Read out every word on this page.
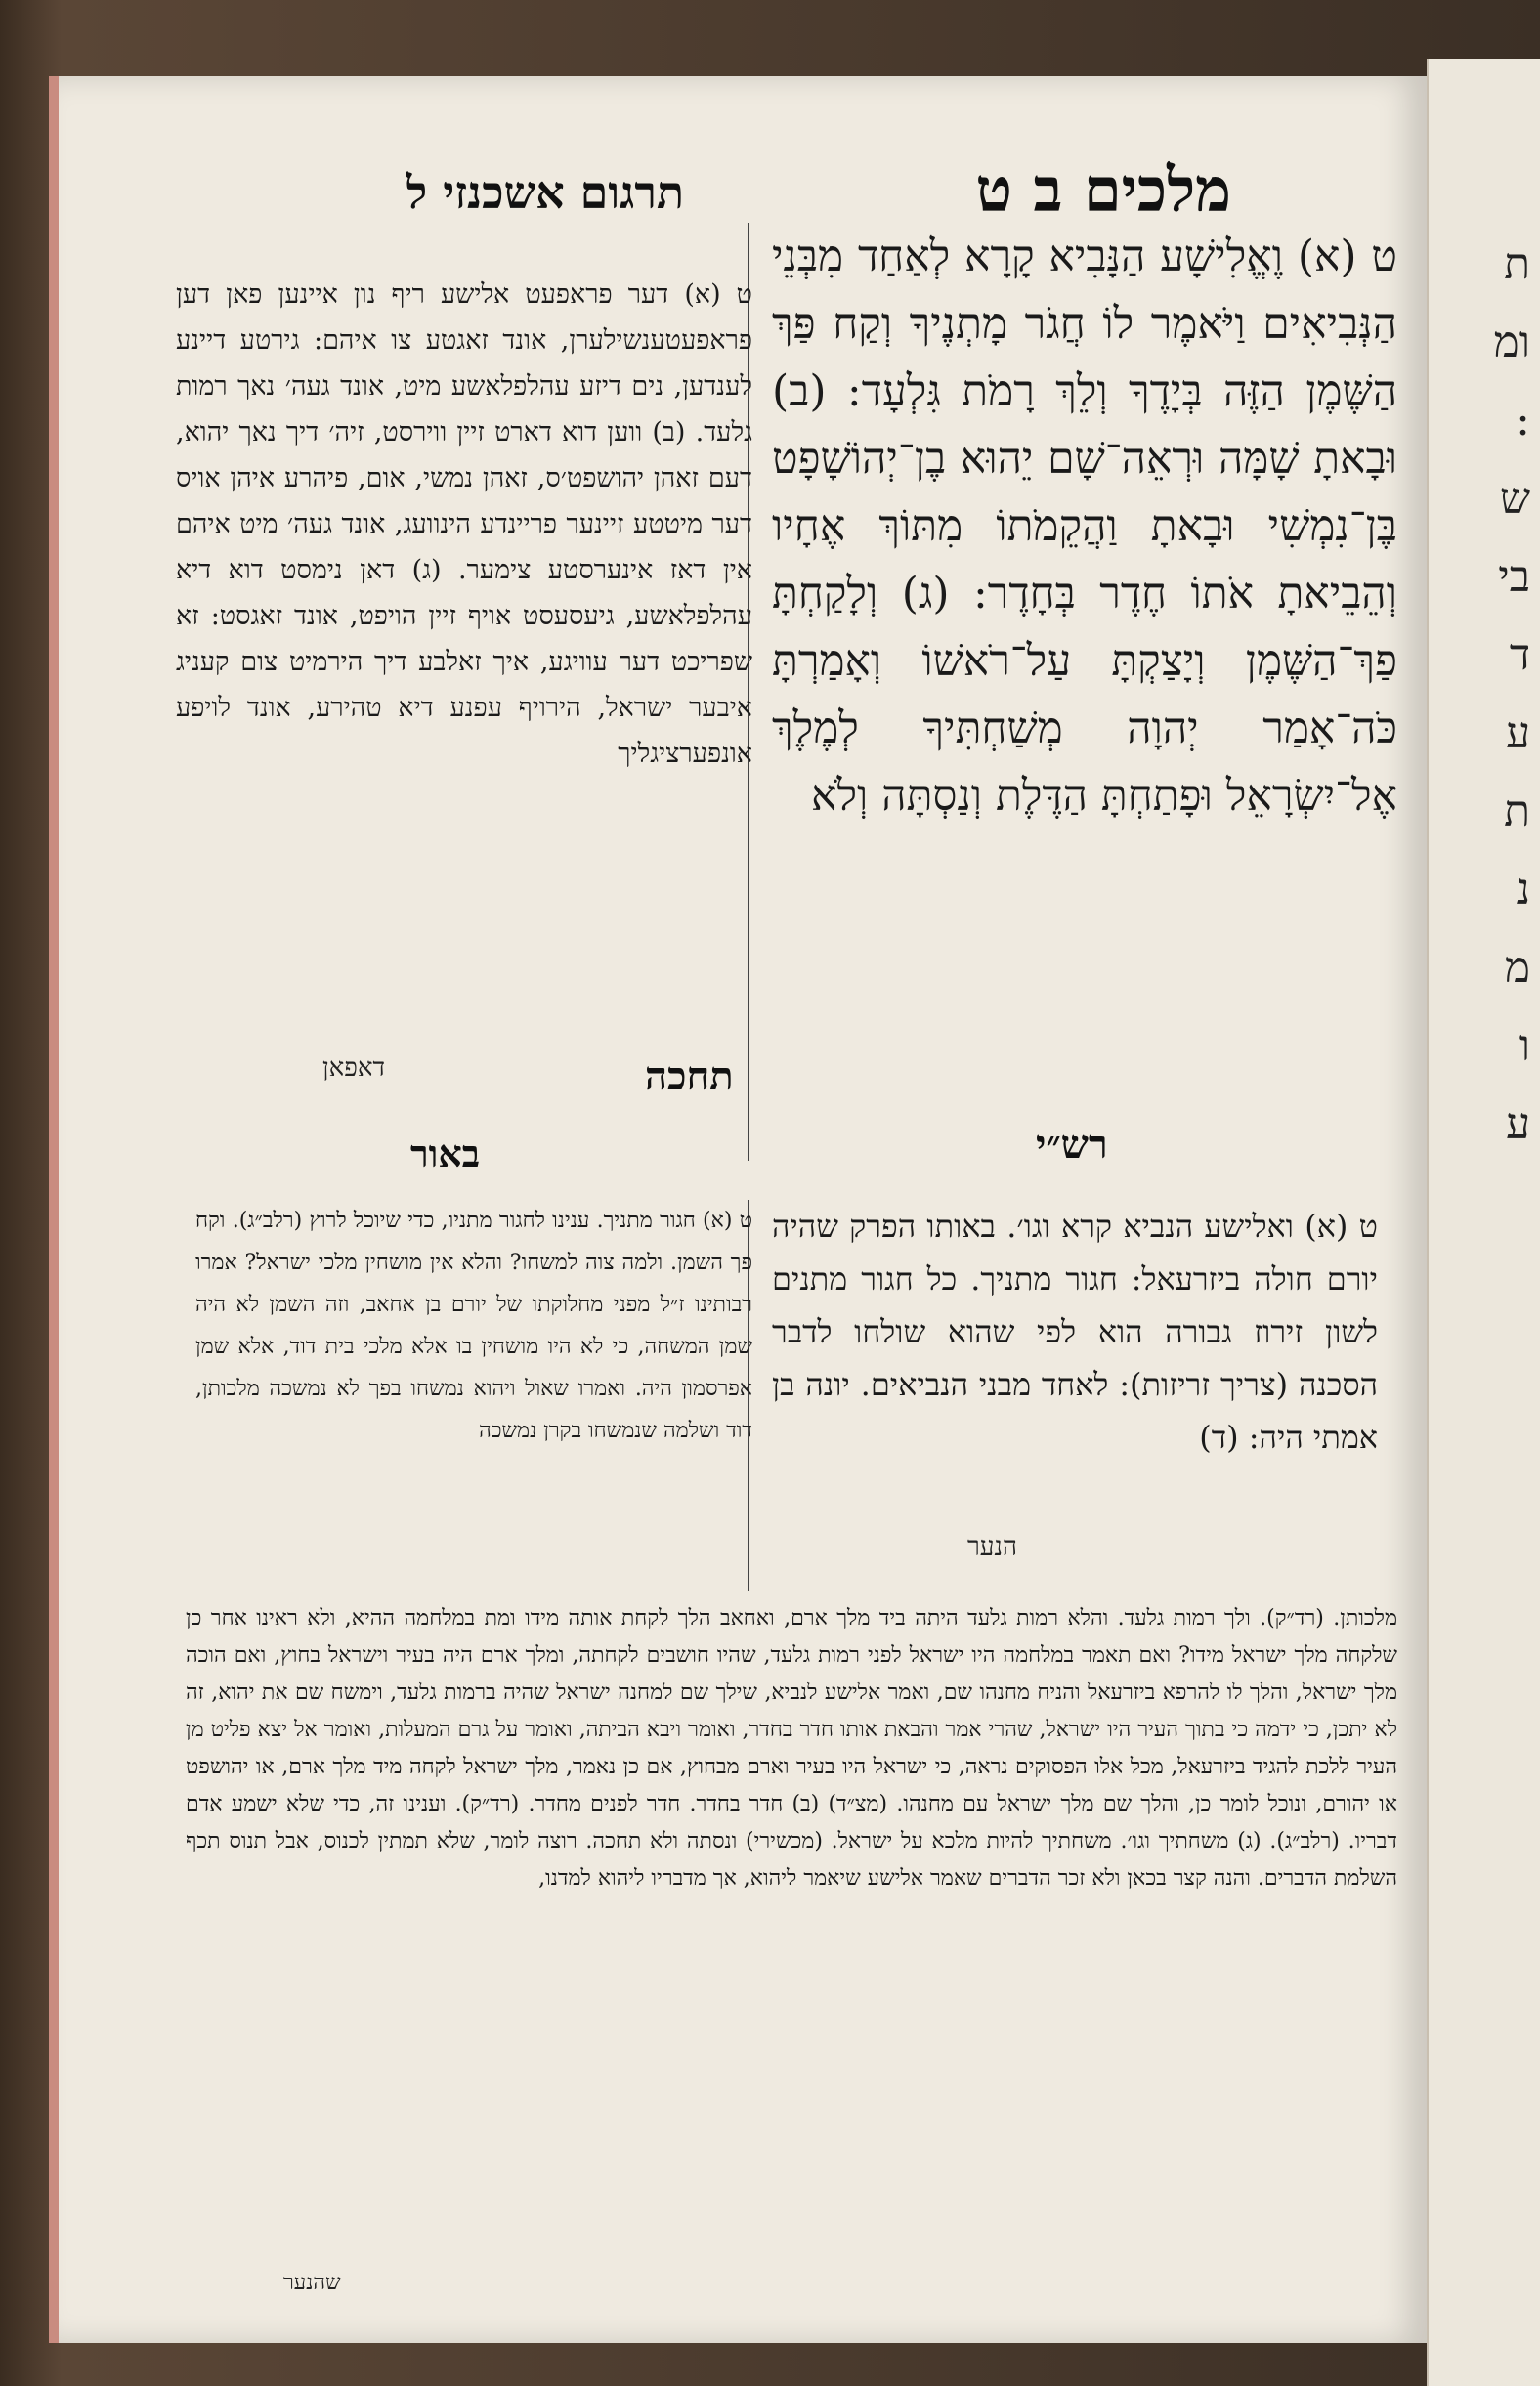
ת
ומ
:
ש
בי
ד
ע
ת
נ
מ
ו
ע
מלכים ב ט
תרגום אשכנזי ל
ט (א) וֶאֱלִישָׁע הַנָּבִיא קָרָא לְאַחַד מִבְּנֵי הַנְּבִיאִים וַיֹּאמֶר לוֹ חֲגֹר מָתְנֶיךָ וְקַח פַּךְ הַשֶּׁמֶן הַזֶּה בְּיָדֶךָ וְלֵךְ רָמֹת גִּלְעָד: (ב) וּבָאתָ שָׁמָּה וּרְאֵה־שָׁם יֵהוּא בֶן־יְהוֹשָׁפָט בֶּן־נִמְשִׁי וּבָאתָ וַהֲקֵמֹתוֹ מִתּוֹךְ אֶחָיו וְהֵבֵיאתָ אֹתוֹ חֶדֶר בְּחָדֶר: (ג) וְלָקַחְתָּ פַךְ־הַשֶּׁמֶן וְיָצַקְתָּ עַל־רֹאשׁוֹ וְאָמַרְתָּ כֹּה־אָמַר יְהוָה מְשַׁחְתִּיךָ לְמֶלֶךְ אֶל־יִשְׂרָאֵל וּפָתַחְתָּ הַדֶּלֶת וְנַסְתָּה וְלֹא
ט (א) דער פראפעט אלישע ריף נון איינען פאן דען פראפעטענשילערן, אונד זאגטע צו איהם: גירטע דיינע לענדען, נים דיזע עהלפלאשע מיט, אונד געה׳ נאך רמות גלעד. (ב) ווען דוא דארט זיין ווירסט, זיה׳ דיך נאך יהוא, דעם זאהן יהושפט׳ס, זאהן נמשי, אום, פיהרע איהן אויס דער מיטטע זיינער פריינדע הינוועג, אונד געה׳ מיט איהם אין דאז אינערסטע צימער. (ג) דאן נימסט דוא דיא עהלפלאשע, גיעסעסט אויף זיין הויפט, אונד זאגסט: זא שפריכט דער עוויגע, איך זאלבע דיך הירמיט צום קעניג איבער ישראל, הירויף עפנע דיא טהירע, אונד לויפע אונפערציגליך
דאפאן	תחכה
רש״י
באור
ט (א) ואלישע הנביא קרא וגו׳. באותו הפרק שהיה יורם חולה ביזרעאל: חגור מתניך. כל חגור מתנים לשון זירוז גבורה הוא לפי שהוא שולחו לדבר הסכנה (צריך זריזות): לאחד מבני הנביאים. יונה בן אמתי היה: (ד)
ט (א) חגור מתניך. ענינו לחגור מתניו, כדי שיוכל לרוץ (רלב״ג). וקח פך השמן. ולמה צוה למשחו? והלא אין מושחין מלכי ישראל? אמרו רבותינו ז״ל מפני מחלוקתו של יורם בן אחאב, וזה השמן לא היה שמן המשחה, כי לא היו מושחין בו אלא מלכי בית דוד, אלא שמן אפרסמון היה. ואמרו שאול ויהוא נמשחו בפך לא נמשכה מלכותן, דוד ושלמה שנמשחו בקרן נמשכה
הנער
מלכותן. (רד״ק). ולך רמות גלעד. והלא רמות גלעד היתה ביד מלך ארם, ואחאב הלך לקחת אותה מידו ומת במלחמה ההיא, ולא ראינו אחר כן שלקחה מלך ישראל מידו? ואם תאמר במלחמה היו ישראל לפני רמות גלעד, שהיו חושבים לקחתה, ומלך ארם היה בעיר וישראל בחוץ, ואם הוכה מלך ישראל, והלך לו להרפא ביזרעאל והניח מחנהו שם, ואמר אלישע לנביא, שילך שם למחנה ישראל שהיה ברמות גלעד, וימשח שם את יהוא, זה לא יתכן, כי ידמה כי בתוך העיר היו ישראל, שהרי אמר והבאת אותו חדר בחדר, ואומר ויבא הביתה, ואומר על גרם המעלות, ואומר אל יצא פליט מן העיר ללכת להגיד ביזרעאל, מכל אלו הפסוקים נראה, כי ישראל היו בעיר וארם מבחוץ, אם כן נאמר, מלך ישראל לקחה מיד מלך ארם, או יהושפט או יהורם, ונוכל לומר כן, והלך שם מלך ישראל עם מחנהו. (מצ״ד) (ב) חדר בחדר. חדר לפנים מחדר. (רד״ק). וענינו זה, כדי שלא ישמע אדם דבריו. (רלב״ג). (ג) משחתיך וגו׳. משחתיך להיות מלכא על ישראל. (מכשירי) ונסתה ולא תחכה. רוצה לומר, שלא תמתין לכנוס, אבל תנוס תכף השלמת הדברים. והנה קצר בכאן ולא זכר הדברים שאמר אלישע שיאמר ליהוא, אך מדבריו ליהוא למדנו,
שהנער
